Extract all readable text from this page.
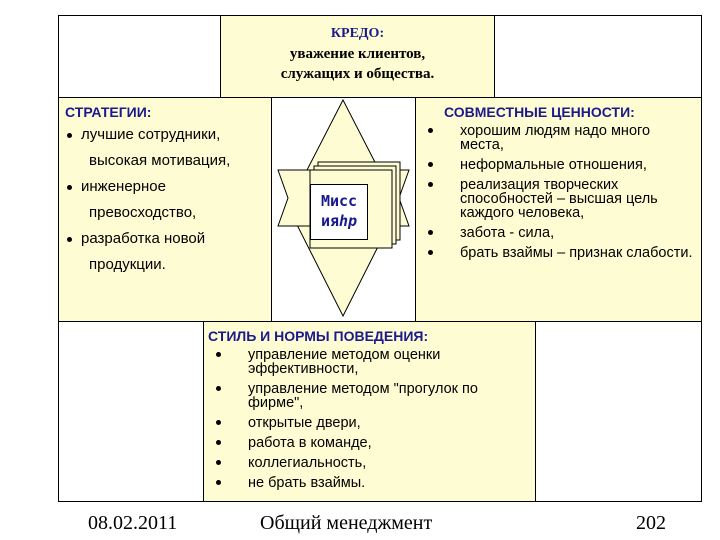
КРЕДО:
уважение клиентов,
служащих и общества.
СТРАТЕГИИ:
лучшие сотрудники,
высокая мотивация,
инженерное
превосходство,
разработка новой
продукции.
Мисс
ияhp
СОВМЕСТНЫЕ ЦЕННОСТИ:
хорошим людям надо много места,
неформальные отношения,
реализация творческих способностей – высшая цель каждого человека,
забота - сила,
брать взаймы – признак слабости.
СТИЛЬ И НОРМЫ ПОВЕДЕНИЯ:
управление методом оценки эффективности,
управление методом "прогулок по фирме",
открытые двери,
работа в команде,
коллегиальность,
не брать взаймы.
08.02.2011	Общий менеджмент	202
